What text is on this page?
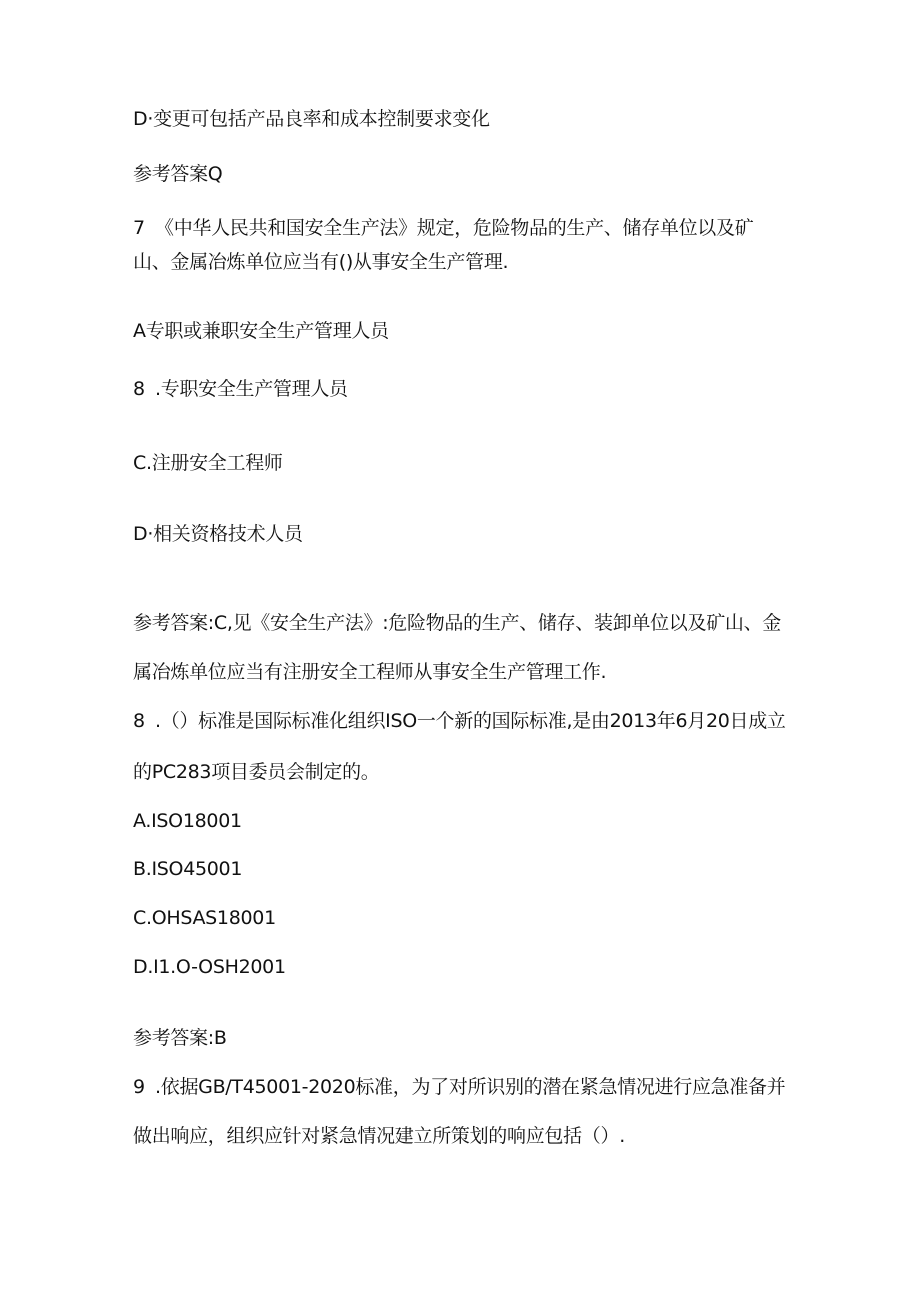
D·变更可包括产品良率和成本控制要求变化
参考答案Q
7 《中华人民共和国安全生产法》规定，危险物品的生产、储存单位以及矿
山、金属冶炼单位应当有()从事安全生产管理.
A专职或兼职安全生产管理人员
8 .专职安全生产管理人员
C.注册安全工程师
D·相关资格技术人员
参考答案:C,见《安全生产法》:危险物品的生产、储存、装卸单位以及矿山、金
属冶炼单位应当有注册安全工程师从事安全生产管理工作.
8 .（）标准是国际标准化组织ISO一个新的国际标准,是由2013年6月20日成立
的PC283项目委员会制定的。
A.ISO18001
B.ISO45001
C.OHSAS18001
D.I1.O-OSH2001
参考答案:B
9 .依据GB/T45001-2020标准，为了对所识别的潜在紧急情况进行应急准备并
做出响应，组织应针对紧急情况建立所策划的响应包括（）.
